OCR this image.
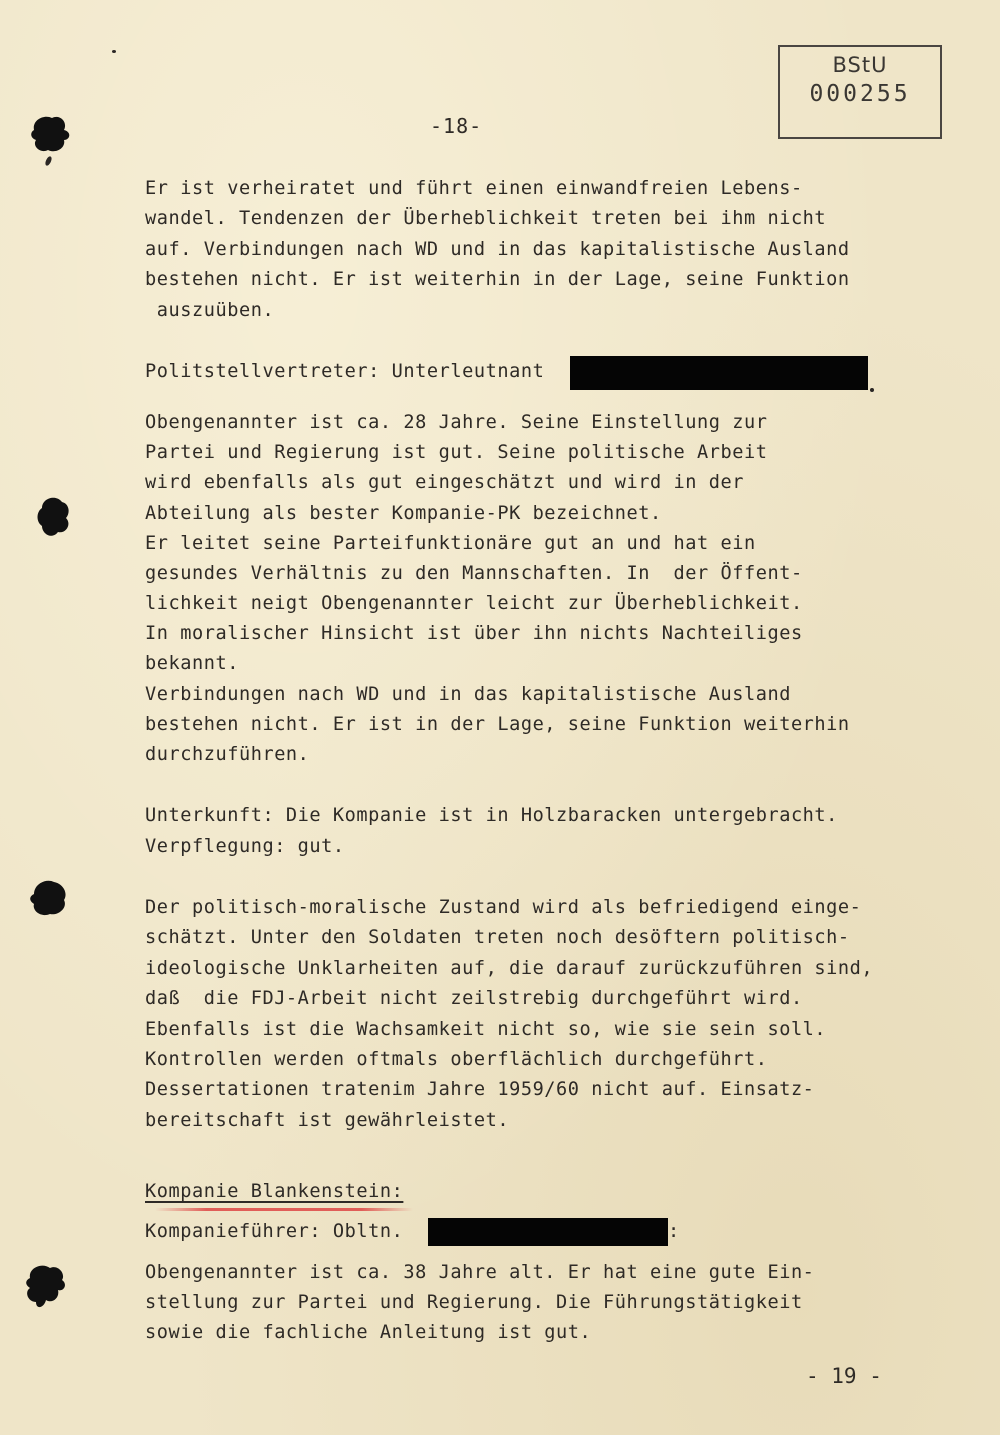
BStU
000255
-18-
Er ist verheiratet und führt einen einwandfreien Lebens-
wandel. Tendenzen der Überheblichkeit treten bei ihm nicht
auf. Verbindungen nach WD und in das kapitalistische Ausland
bestehen nicht. Er ist weiterhin in der Lage, seine Funktion
auszuüben.
Politstellvertreter: Unterleutnant
Obengenannter ist ca. 28 Jahre. Seine Einstellung zur
Partei und Regierung ist gut. Seine politische Arbeit
wird ebenfalls als gut eingeschätzt und wird in der
Abteilung als bester Kompanie-PK bezeichnet.
Er leitet seine Parteifunktionäre gut an und hat ein
gesundes Verhältnis zu den Mannschaften. In  der Öffent-
lichkeit neigt Obengenannter leicht zur Überheblichkeit.
In moralischer Hinsicht ist über ihn nichts Nachteiliges
bekannt.
Verbindungen nach WD und in das kapitalistische Ausland
bestehen nicht. Er ist in der Lage, seine Funktion weiterhin
durchzuführen.
Unterkunft: Die Kompanie ist in Holzbaracken untergebracht.
Verpflegung: gut.
Der politisch-moralische Zustand wird als befriedigend einge-
schätzt. Unter den Soldaten treten noch desöftern politisch-
ideologische Unklarheiten auf, die darauf zurückzuführen sind,
daß  die FDJ-Arbeit nicht zeilstrebig durchgeführt wird.
Ebenfalls ist die Wachsamkeit nicht so, wie sie sein soll.
Kontrollen werden oftmals oberflächlich durchgeführt.
Dessertationen tratenim Jahre 1959/60 nicht auf. Einsatz-
bereitschaft ist gewährleistet.
Kompanie Blankenstein:
Kompanieführer: Obltn.	:
Obengenannter ist ca. 38 Jahre alt. Er hat eine gute Ein-
stellung zur Partei und Regierung. Die Führungstätigkeit
sowie die fachliche Anleitung ist gut.
- 19 -
